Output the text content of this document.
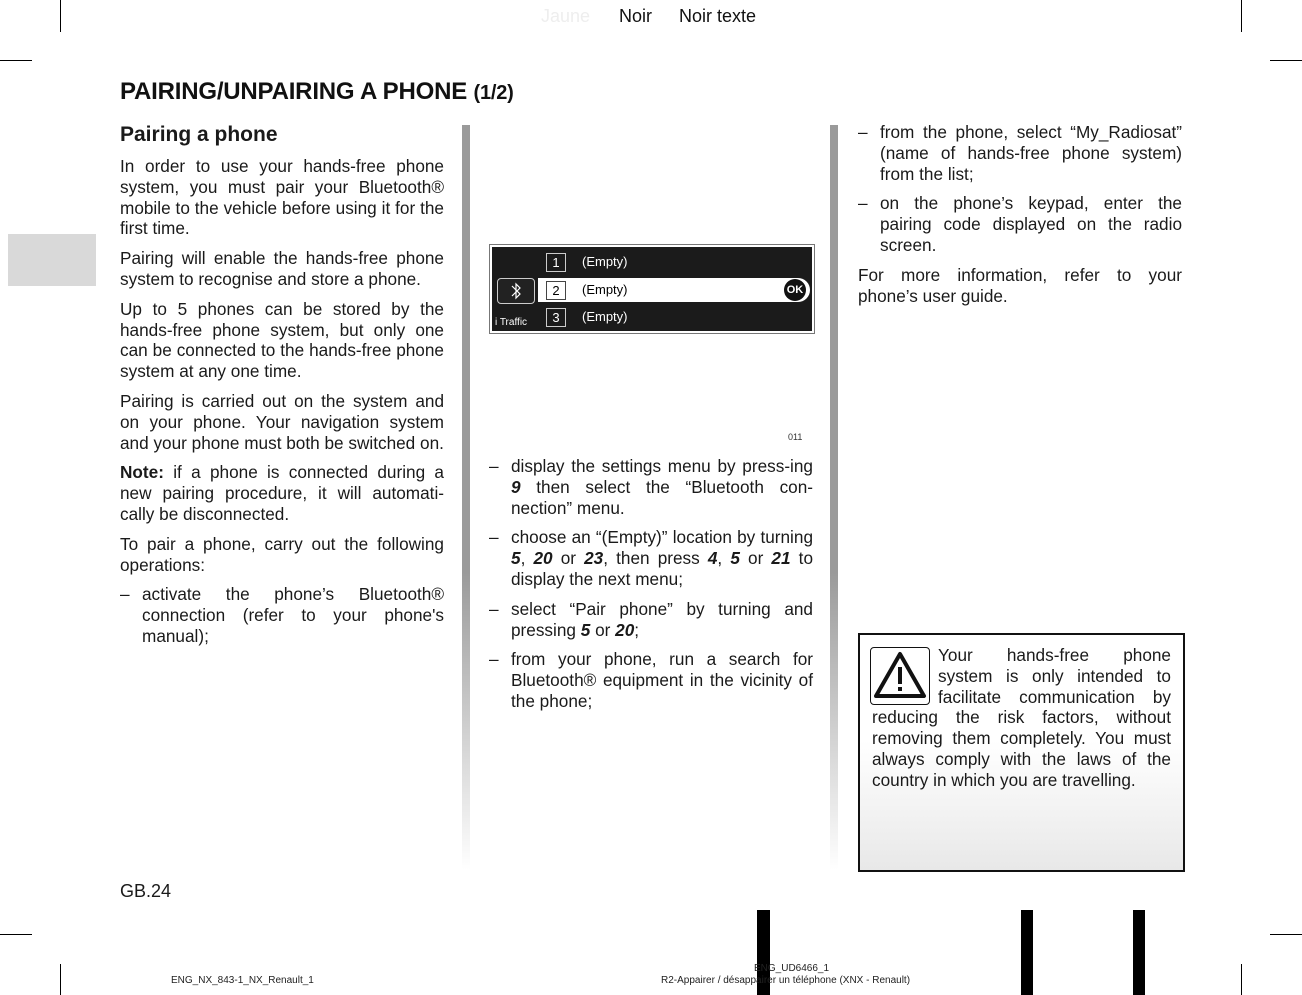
Jaune Noir Noir texte
PAIRING/UNPAIRING A PHONE (1/2)

Pairing a phone

In order to use your hands-free phone system, you must pair your Bluetooth® mobile to the vehicle before using it for the first time.

Pairing will enable the hands-free phone system to recognise and store a phone.

Up to 5 phones can be stored by the hands-free phone system, but only one can be connected to the hands-free phone system at any one time.

Pairing is carried out on the system and on your phone. Your navigation system and your phone must both be switched on.

Note: if a phone is connected during a new pairing procedure, it will automati-cally be disconnected.

To pair a phone, carry out the following operations:

– activate the phone’s Bluetooth® connection (refer to your phone's manual);
1	(Empty)
2	(Empty)	OK
3	(Empty)
i Traffic
011
– display the settings menu by press-ing 9 then select the “Bluetooth con-nection” menu.
– choose an “(Empty)” location by turning 5, 20 or 23, then press 4, 5 or 21 to display the next menu;
– select “Pair phone” by turning and pressing 5 or 20;
– from your phone, run a search for Bluetooth® equipment in the vicinity of the phone;
– from the phone, select “My_Radiosat” (name of hands-free phone system) from the list;
– on the phone’s keypad, enter the pairing code displayed on the radio screen.

For more information, refer to your phone’s user guide.

Your hands-free phone system is only intended to facilitate communication by reducing the risk factors, without removing them completely. You must always comply with the laws of the country in which you are travelling.
GB.24
ENG_NX_843-1_NX_Renault_1
ENG_UD6466_1
R2-Appairer / désappairer un téléphone (XNX - Renault)
